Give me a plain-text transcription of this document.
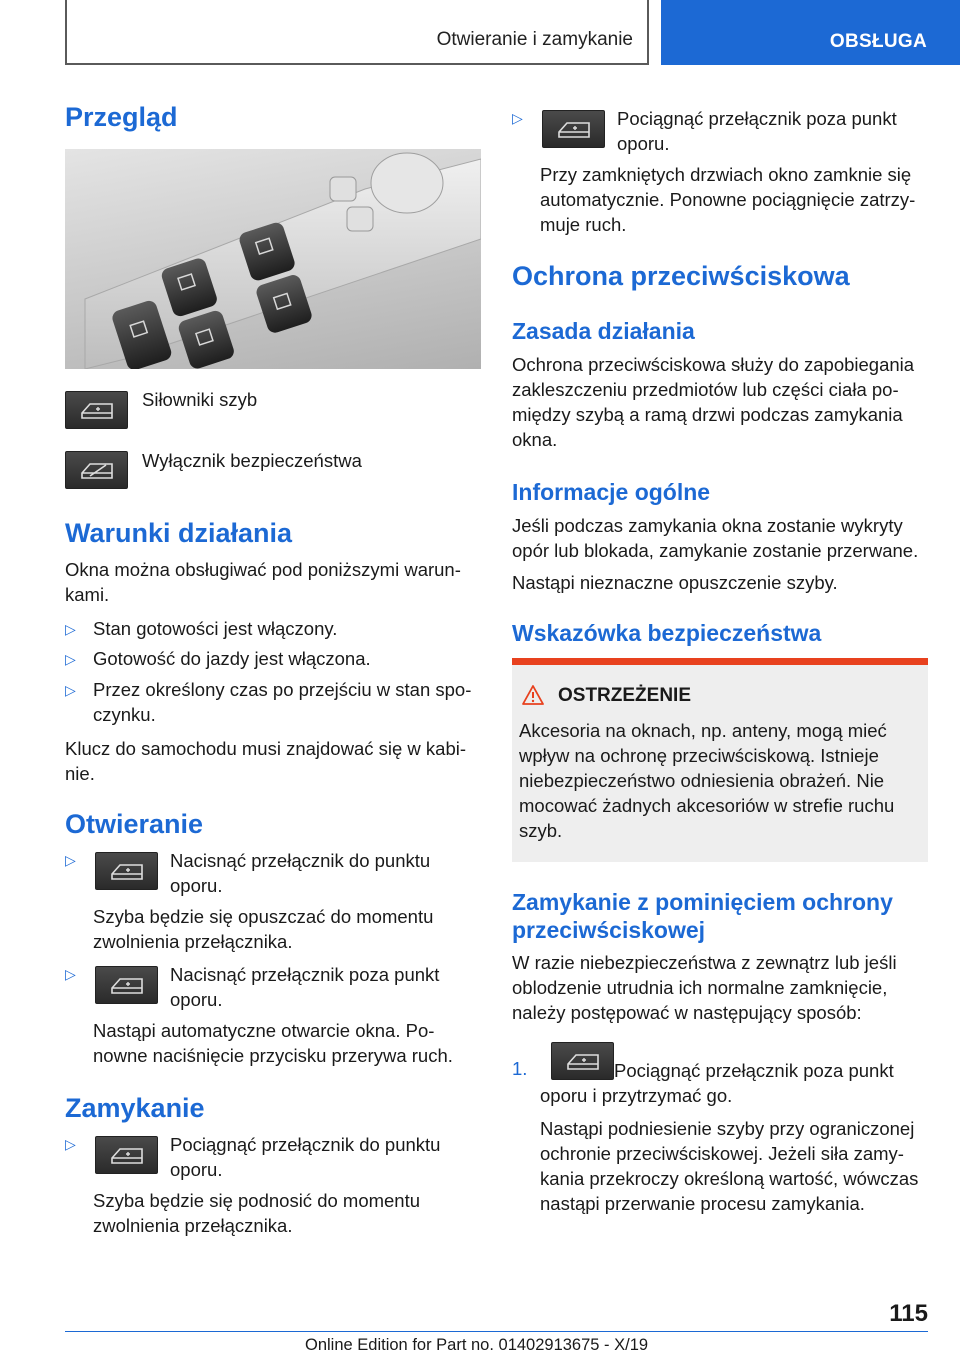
Otwieranie i zamykanie	OBSŁUGA
Przegląd

Siłowniki szyb

Wyłącznik bezpieczeństwa

Warunki działania

Okna można obsługiwać pod poniższymi warun-

kami.

▷ Stan gotowości jest włączony.

▷ Gotowość do jazdy jest włączona.

▷ Przez określony czas po przejściu w stan spo-

czynku.

Klucz do samochodu musi znajdować się w kabi-

nie.

Otwieranie
▷	Nacisnąć przełącznik do punktu

oporu.

Szyba będzie się opuszczać do momentu

zwolnienia przełącznika.

▷	Nacisnąć przełącznik poza punkt

oporu.

Nastąpi automatyczne otwarcie okna. Po-

nowne naciśnięcie przycisku przerywa ruch.

Zamykanie
▷	Pociągnąć przełącznik do punktu

oporu.

Szyba będzie się podnosić do momentu

zwolnienia przełącznika.

▷	Pociągnąć przełącznik poza punkt

oporu.

Przy zamkniętych drzwiach okno zamknie się

automatycznie. Ponowne pociągnięcie zatrzy-

muje ruch.

Ochrona przeciwściskowa
Zasada działania

Ochrona przeciwściskowa służy do zapobiegania

zakleszczeniu przedmiotów lub części ciała po-

między szybą a ramą drzwi podczas zamykania

okna.

Informacje ogólne

Jeśli podczas zamykania okna zostanie wykryty

opór lub blokada, zamykanie zostanie przerwane.

Nastąpi nieznaczne opuszczenie szyby.

Wskazówka bezpieczeństwa
OSTRZEŻENIE

Akcesoria na oknach, np. anteny, mogą mieć

wpływ na ochronę przeciwściskową. Istnieje

niebezpieczeństwo odniesienia obrażeń. Nie

mocować żadnych akcesoriów w strefie ruchu

szyb.

Zamykanie z pominięciem ochrony
przeciwściskowej

W razie niebezpieczeństwa z zewnątrz lub jeśli

oblodzenie utrudnia ich normalne zamknięcie,

należy postępować w następujący sposób:

1.	Pociągnąć przełącznik poza punkt

oporu i przytrzymać go.

Nastąpi podniesienie szyby przy ograniczonej

ochronie przeciwściskowej. Jeżeli siła zamy-

kania przekroczy określoną wartość, wówczas

nastąpi przerwanie procesu zamykania.

115
Online Edition for Part no. 01402913675 - X/19
